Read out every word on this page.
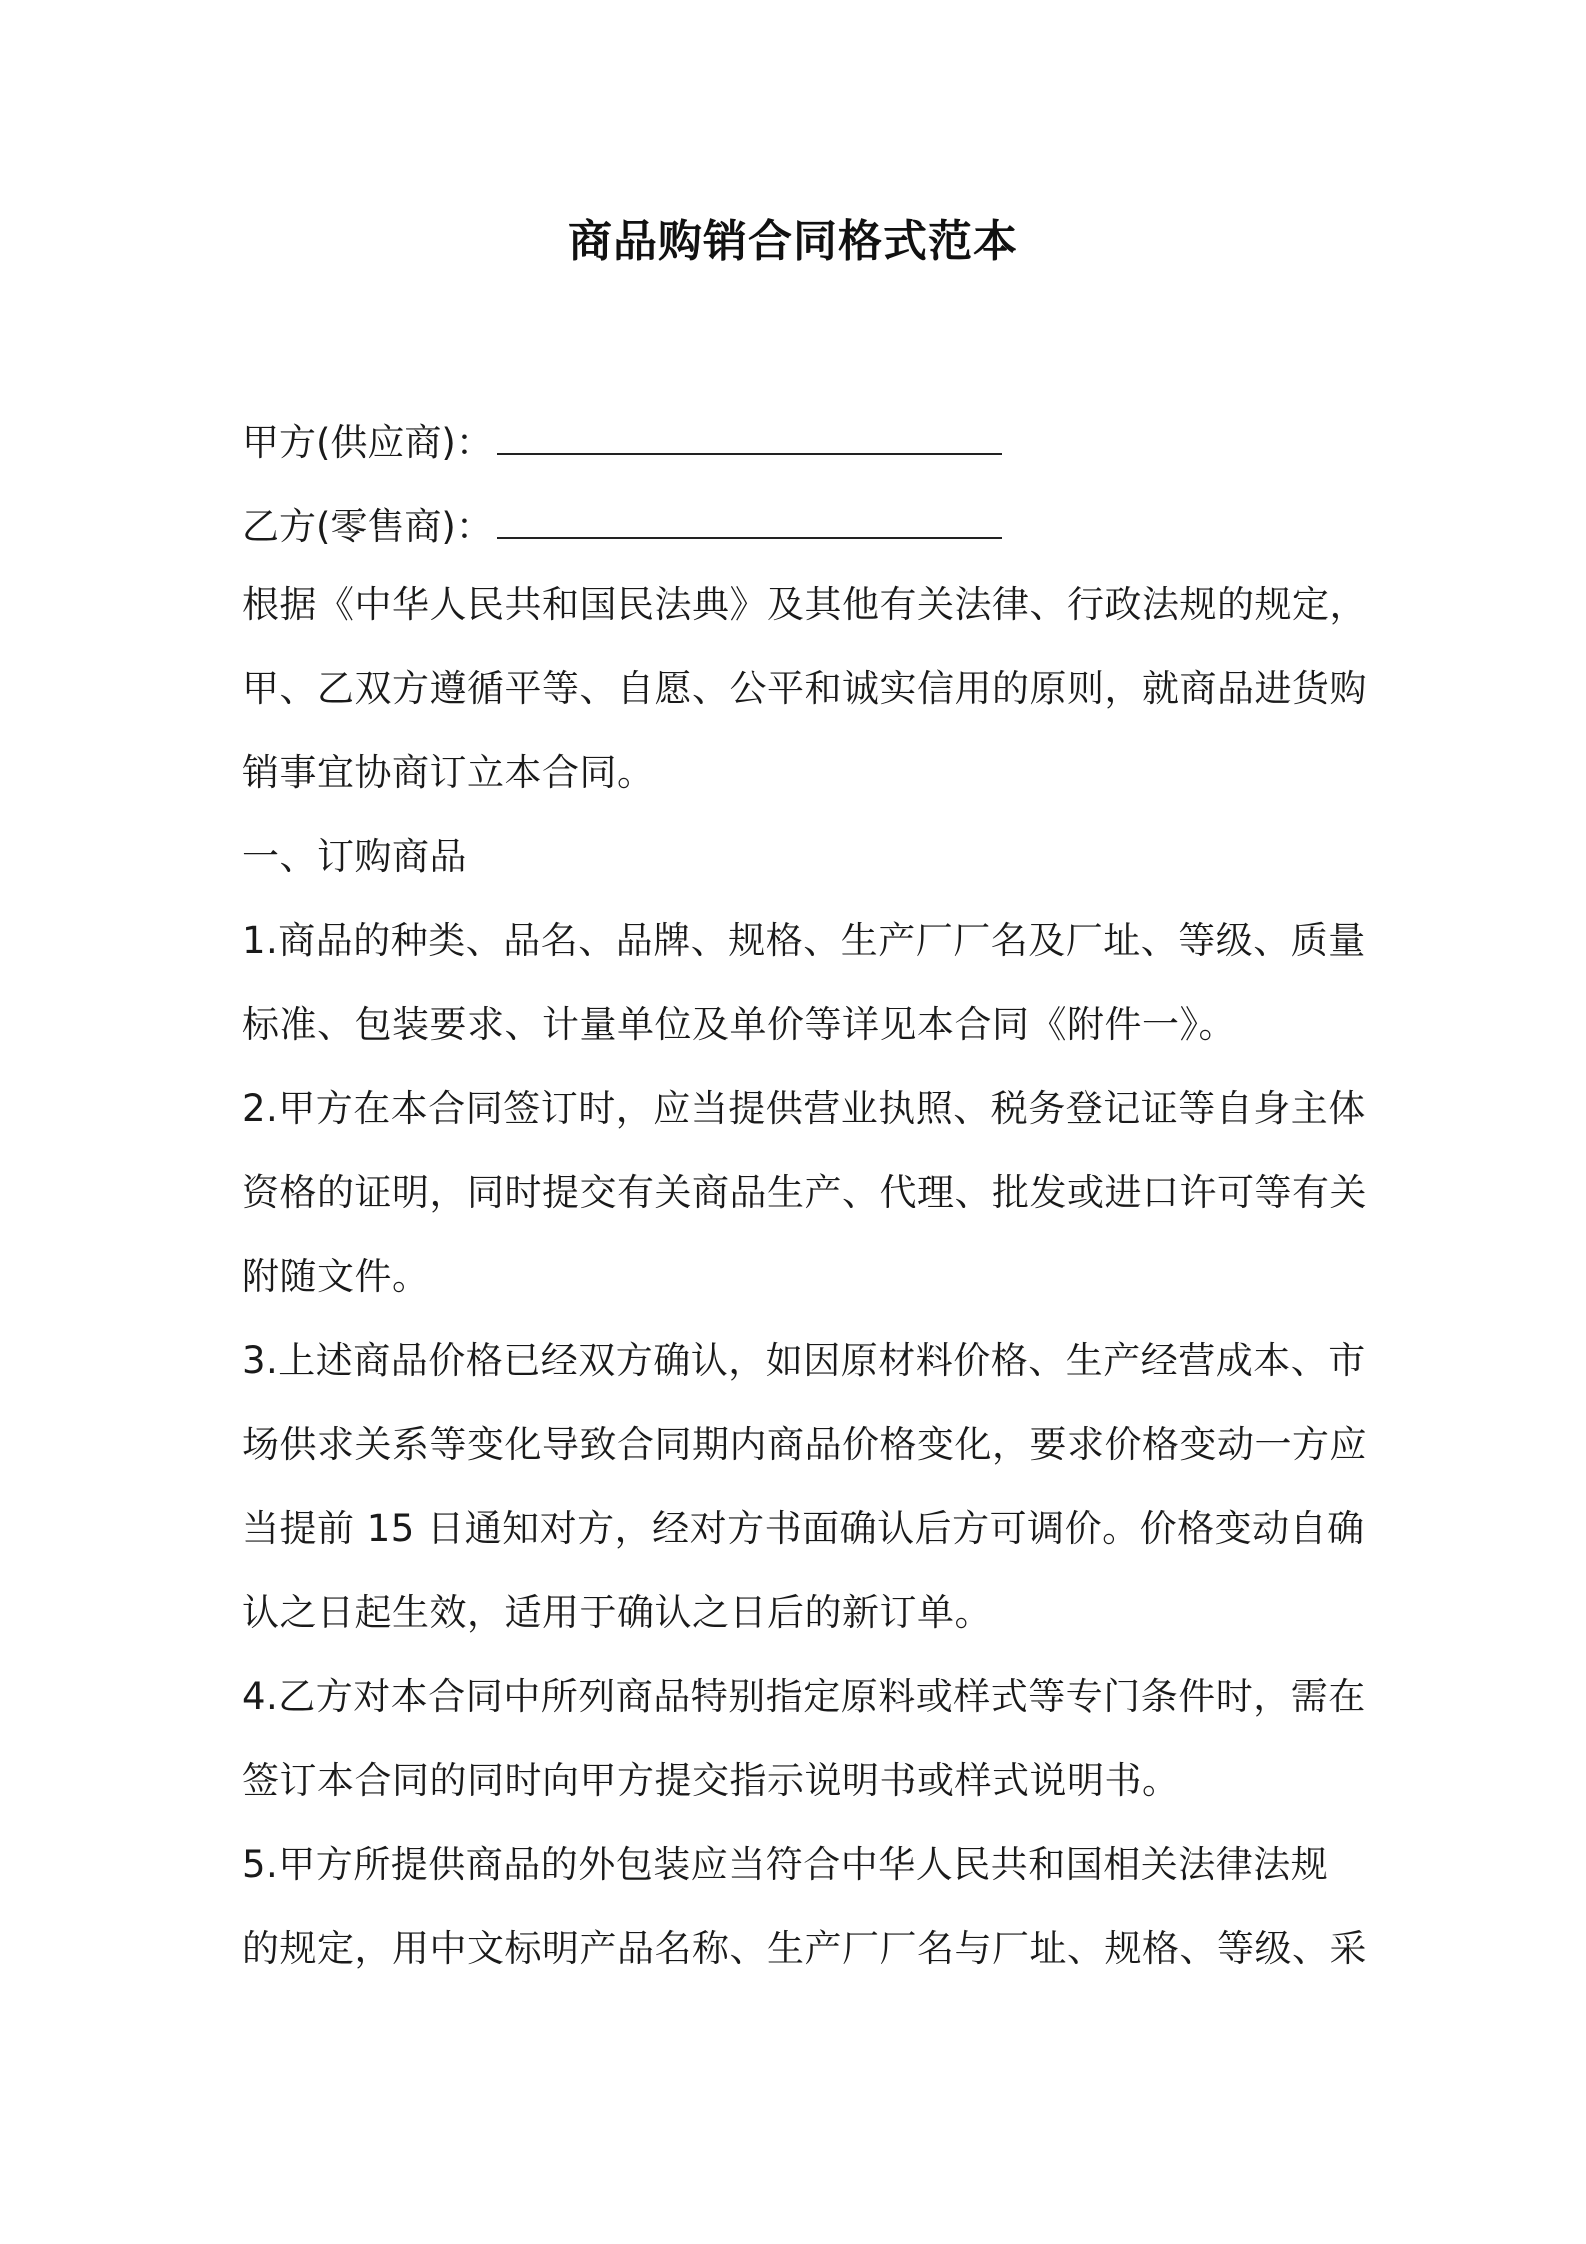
商品购销合同格式范本
甲方(供应商)：
乙方(零售商)：
根据《中华人民共和国民法典》及其他有关法律、行政法规的规定，
甲、乙双方遵循平等、自愿、公平和诚实信用的原则，就商品进货购
销事宜协商订立本合同。
一、订购商品
1.商品的种类、品名、品牌、规格、生产厂厂名及厂址、等级、质量
标准、包装要求、计量单位及单价等详见本合同《附件一》。
2.甲方在本合同签订时，应当提供营业执照、税务登记证等自身主体
资格的证明，同时提交有关商品生产、代理、批发或进口许可等有关
附随文件。
3.上述商品价格已经双方确认，如因原材料价格、生产经营成本、市
场供求关系等变化导致合同期内商品价格变化，要求价格变动一方应
当提前 15 日通知对方，经对方书面确认后方可调价。价格变动自确
认之日起生效，适用于确认之日后的新订单。
4.乙方对本合同中所列商品特别指定原料或样式等专门条件时，需在
签订本合同的同时向甲方提交指示说明书或样式说明书。
5.甲方所提供商品的外包装应当符合中华人民共和国相关法律法规
的规定，用中文标明产品名称、生产厂厂名与厂址、规格、等级、采
